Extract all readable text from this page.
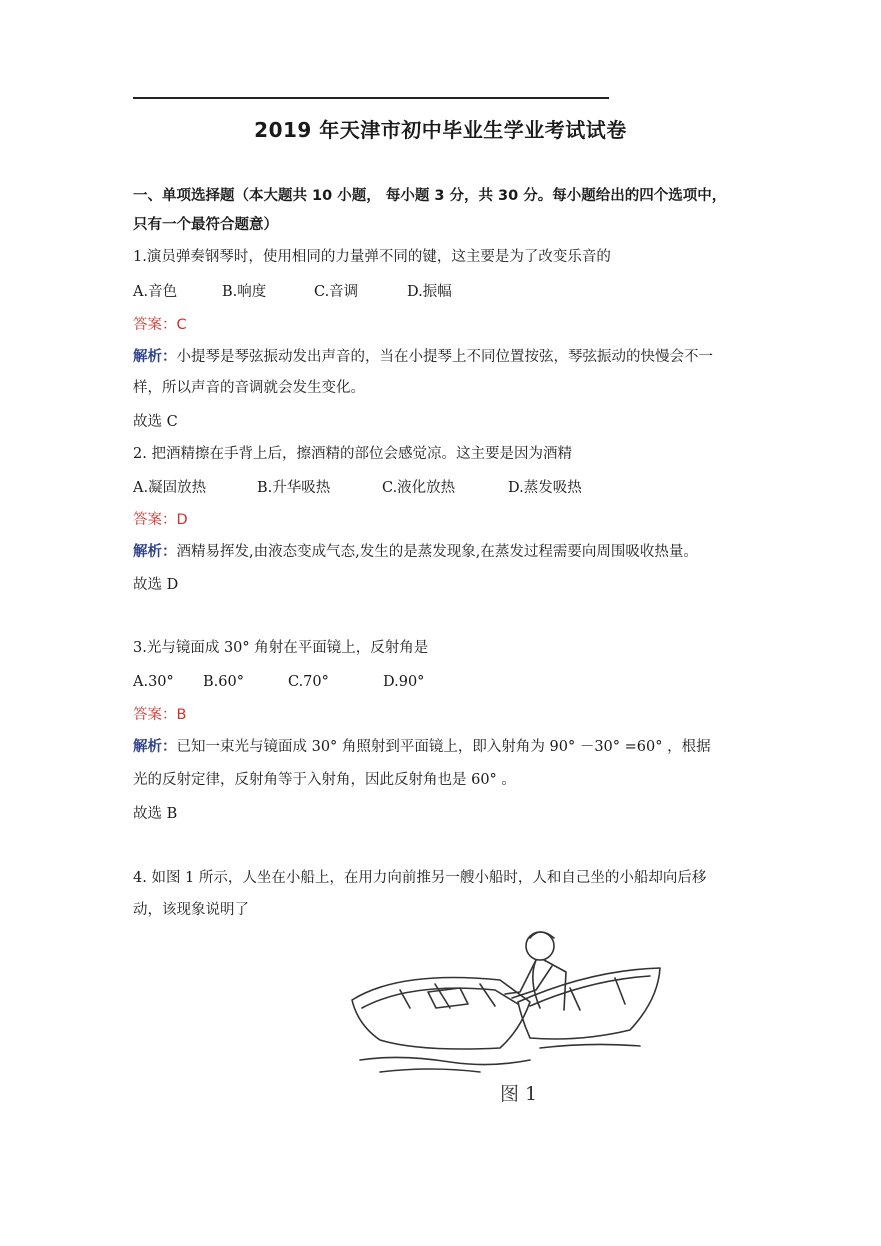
2019 年天津市初中毕业生学业考试试卷
一、单项选择题（本大题共 10 小题， 每小题 3 分，共 30 分。每小题给出的四个选项中，
只有一个最符合题意）
1.演员弹奏钢琴时，使用相同的力量弹不同的键，这主要是为了改变乐音的
A.音色	B.响度	C.音调	D.振幅
答案：C
解析：小提琴是琴弦振动发出声音的，当在小提琴上不同位置按弦，琴弦振动的快慢会不一
样，所以声音的音调就会发生变化。
故选 C
2. 把酒精擦在手背上后，擦酒精的部位会感觉凉。这主要是因为酒精
A.凝固放热	B.升华吸热	C.液化放热	D.蒸发吸热
答案：D
解析：酒精易挥发,由液态变成气态,发生的是蒸发现象,在蒸发过程需要向周围吸收热量。
故选 D
3.光与镜面成 30° 角射在平面镜上，反射角是
A.30° B.60°	C.70°	D.90°
答案：B
解析：已知一束光与镜面成 30° 角照射到平面镜上，即入射角为 90° －30° =60° ，根据
光的反射定律，反射角等于入射角，因此反射角也是 60° 。
故选 B
4. 如图 1 所示，人坐在小船上，在用力向前推另一艘小船时，人和自己坐的小船却向后移
动，该现象说明了
图 1
